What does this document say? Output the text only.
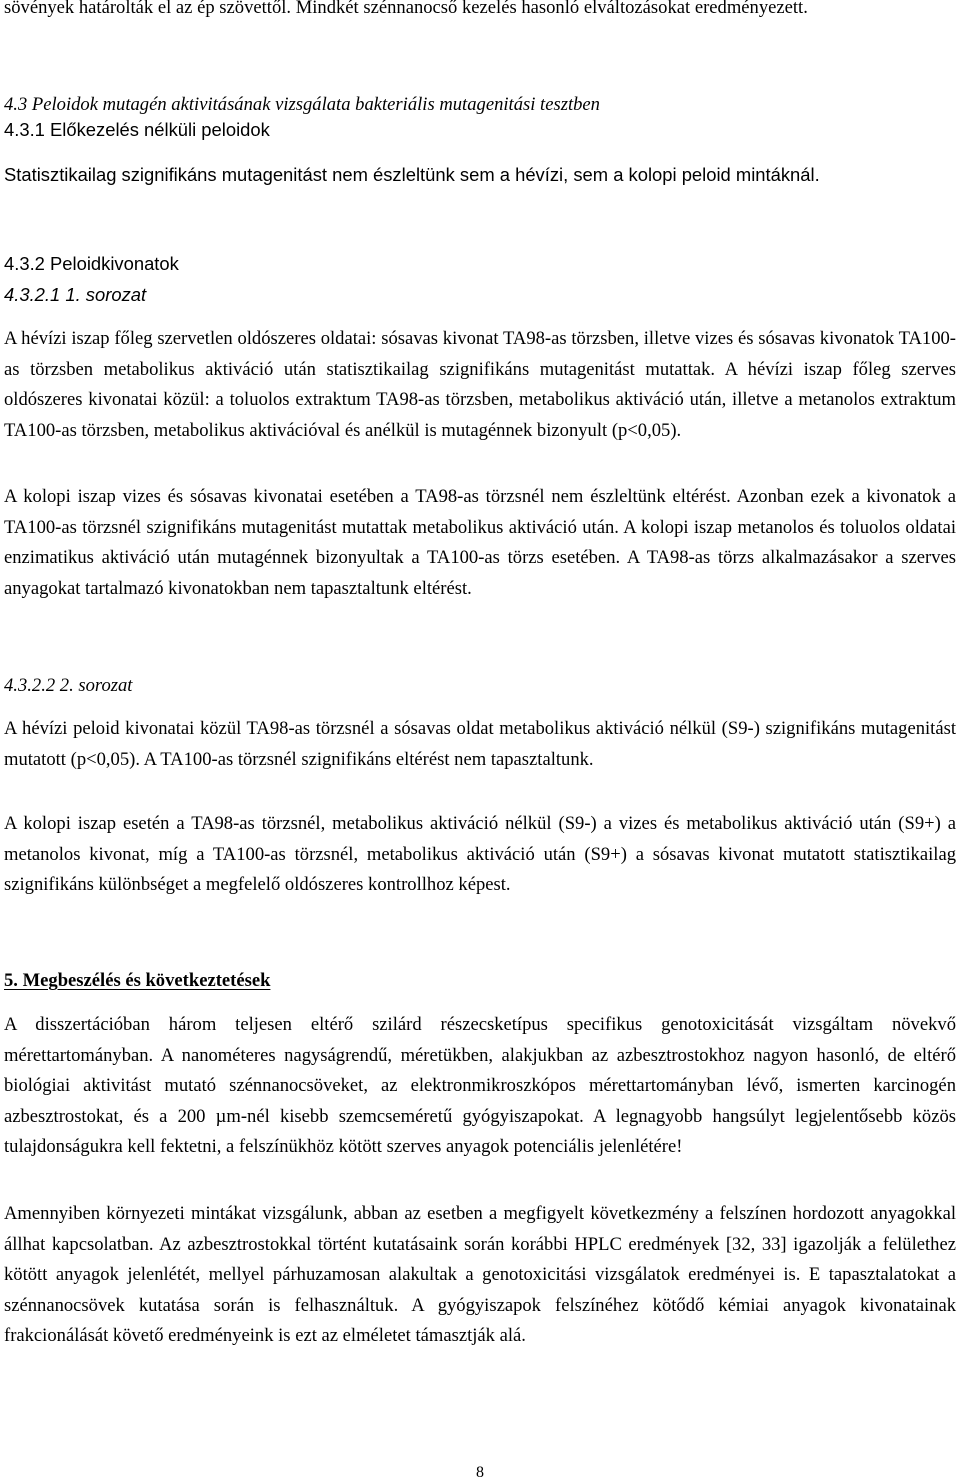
sövények határolták el az ép szövettől. Mindkét szénnanocső kezelés hasonló elváltozásokat eredményezett.

4.3 Peloidok mutagén aktivitásának vizsgálata bakteriális mutagenitási tesztben

4.3.1 Előkezelés nélküli peloidok

Statisztikailag szignifikáns mutagenitást nem észleltünk sem a hévízi, sem a kolopi peloid mintáknál.

4.3.2 Peloidkivonatok

4.3.2.1 1. sorozat

A hévízi iszap főleg szervetlen oldószeres oldatai: sósavas kivonat TA98-as törzsben, illetve vizes és sósavas kivonatok TA100-as törzsben metabolikus aktiváció után statisztikailag szignifikáns mutagenitást mutattak. A hévízi iszap főleg szerves oldószeres kivonatai közül: a toluolos extraktum TA98-as törzsben, metabolikus aktiváció után, illetve a metanolos extraktum TA100-as törzsben, metabolikus aktivációval és anélkül is mutagénnek bizonyult (p<0,05).

A kolopi iszap vizes és sósavas kivonatai esetében a TA98-as törzsnél nem észleltünk eltérést. Azonban ezek a kivonatok a TA100-as törzsnél szignifikáns mutagenitást mutattak metabolikus aktiváció után. A kolopi iszap metanolos és toluolos oldatai enzimatikus aktiváció után mutagénnek bizonyultak a TA100-as törzs esetében. A TA98-as törzs alkalmazásakor a szerves anyagokat tartalmazó kivonatokban nem tapasztaltunk eltérést.

4.3.2.2 2. sorozat

A hévízi peloid kivonatai közül TA98-as törzsnél a sósavas oldat metabolikus aktiváció nélkül (S9-) szignifikáns mutagenitást mutatott (p<0,05). A TA100-as törzsnél szignifikáns eltérést nem tapasztaltunk.

A kolopi iszap esetén a TA98-as törzsnél, metabolikus aktiváció nélkül (S9-) a vizes és metabolikus aktiváció után (S9+) a metanolos kivonat, míg a TA100-as törzsnél, metabolikus aktiváció után (S9+) a sósavas kivonat mutatott statisztikailag szignifikáns különbséget a megfelelő oldószeres kontrollhoz képest.

5. Megbeszélés és következtetések

A disszertációban három teljesen eltérő szilárd részecsketípus specifikus genotoxicitását vizsgáltam növekvő mérettartományban. A nanométeres nagyságrendű, méretükben, alakjukban az azbesztrostokhoz nagyon hasonló, de eltérő biológiai aktivitást mutató szénnanocsöveket, az elektronmikroszkópos mérettartományban lévő, ismerten karcinogén azbesztrostokat, és a 200 µm-nél kisebb szemcseméretű gyógyiszapokat. A legnagyobb hangsúlyt legjelentősebb közös tulajdonságukra kell fektetni, a felszínükhöz kötött szerves anyagok potenciális jelenlétére!

Amennyiben környezeti mintákat vizsgálunk, abban az esetben a megfigyelt következmény a felszínen hordozott anyagokkal állhat kapcsolatban. Az azbesztrostokkal történt kutatásaink során korábbi HPLC eredmények [32, 33] igazolják a felülethez kötött anyagok jelenlétét, mellyel párhuzamosan alakultak a genotoxicitási vizsgálatok eredményei is. E tapasztalatokat a szénnanocsövek kutatása során is felhasználtuk. A gyógyiszapok felszínéhez kötődő kémiai anyagok kivonatainak frakcionálását követő eredményeink is ezt az elméletet támasztják alá.

8
